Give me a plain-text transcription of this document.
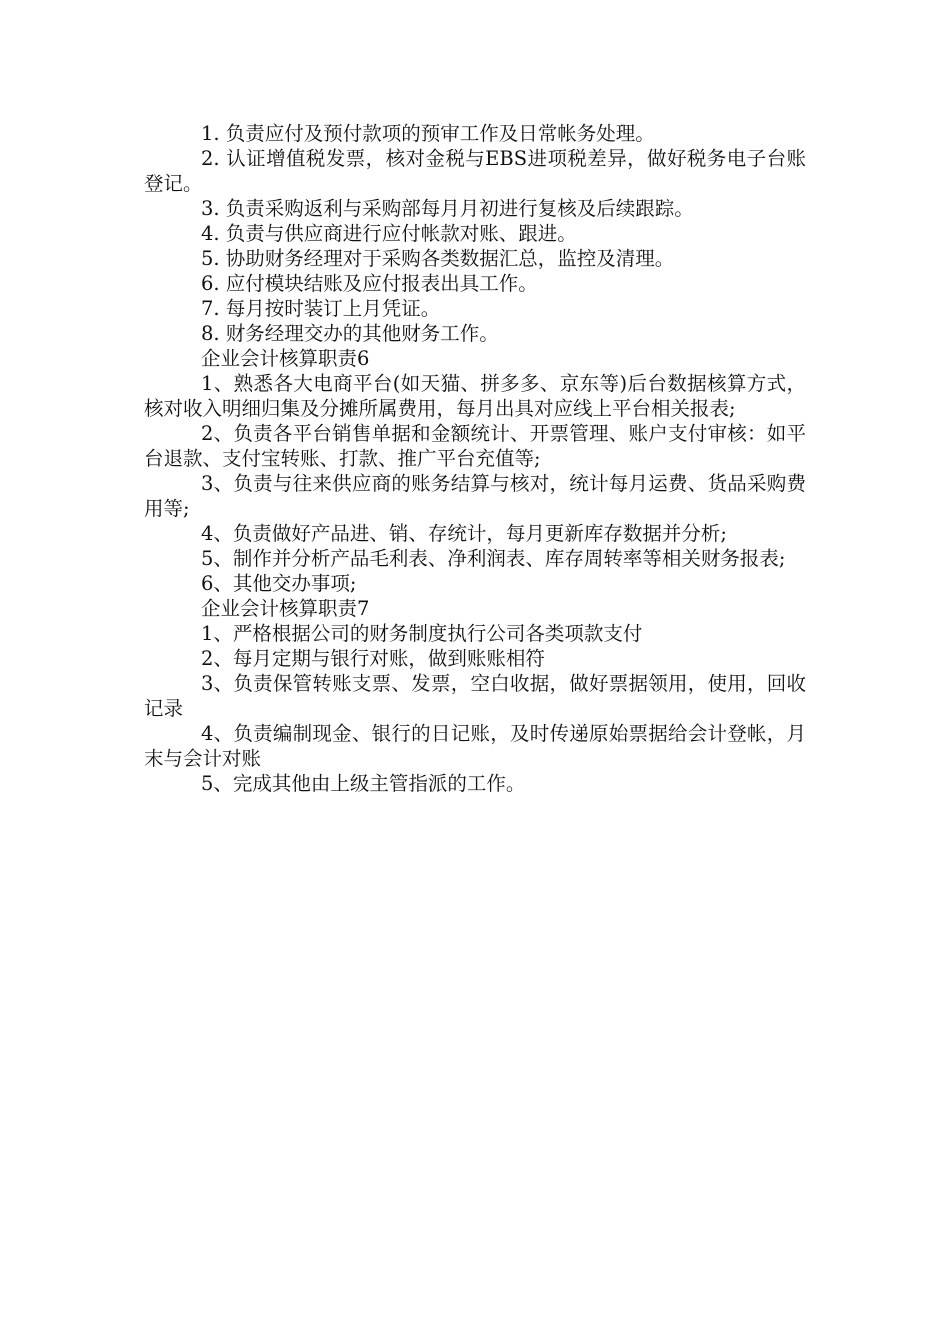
1. 负责应付及预付款项的预审工作及日常帐务处理。

2. 认证增值税发票，核对金税与EBS进项税差异，做好税务电子台账登记。

3. 负责采购返利与采购部每月月初进行复核及后续跟踪。

4. 负责与供应商进行应付帐款对账、跟进。

5. 协助财务经理对于采购各类数据汇总，监控及清理。

6. 应付模块结账及应付报表出具工作。

7. 每月按时装订上月凭证。

8. 财务经理交办的其他财务工作。

企业会计核算职责6

1、熟悉各大电商平台(如天猫、拼多多、京东等)后台数据核算方式，核对收入明细归集及分摊所属费用，每月出具对应线上平台相关报表;

2、负责各平台销售单据和金额统计、开票管理、账户支付审核：如平台退款、支付宝转账、打款、推广平台充值等;

3、负责与往来供应商的账务结算与核对，统计每月运费、货品采购费用等;

4、负责做好产品进、销、存统计，每月更新库存数据并分析;

5、制作并分析产品毛利表、净利润表、库存周转率等相关财务报表;

6、其他交办事项;

企业会计核算职责7

1、严格根据公司的财务制度执行公司各类项款支付

2、每月定期与银行对账，做到账账相符

3、负责保管转账支票、发票，空白收据，做好票据领用，使用，回收记录

4、负责编制现金、银行的日记账，及时传递原始票据给会计登帐，月末与会计对账

5、完成其他由上级主管指派的工作。
